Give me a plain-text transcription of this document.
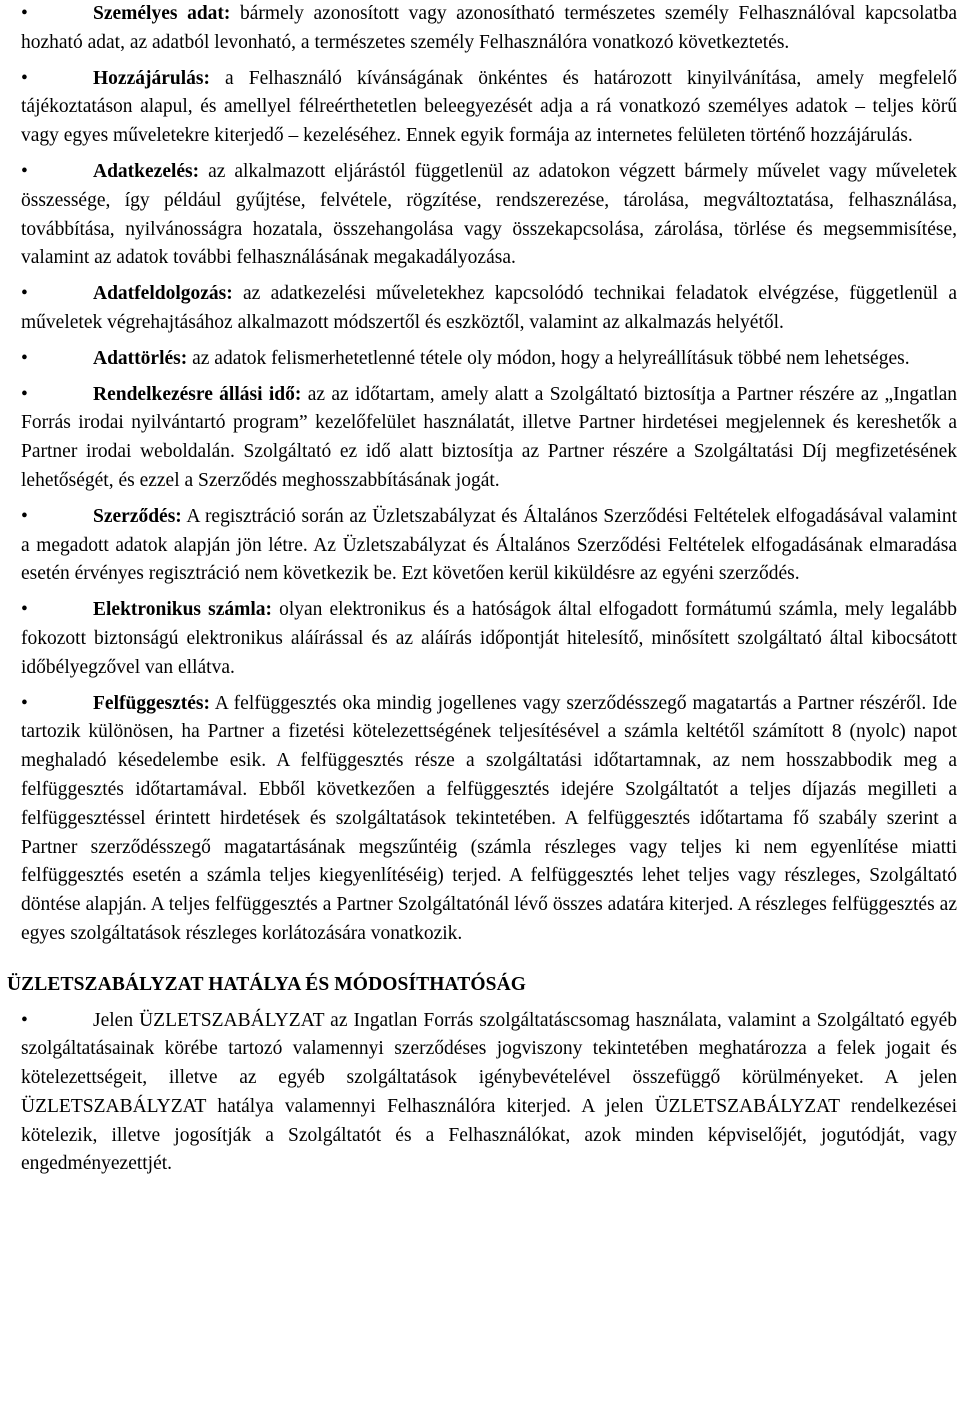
•	Személyes adat: bármely azonosított vagy azonosítható természetes személy Felhasználóval kapcsolatba hozható adat, az adatból levonható, a természetes személy Felhasználóra vonatkozó következtetés.

•	Hozzájárulás: a Felhasználó kívánságának önkéntes és határozott kinyilvánítása, amely megfelelő tájékoztatáson alapul, és amellyel félreérthetetlen beleegyezését adja a rá vonatkozó személyes adatok – teljes körű vagy egyes műveletekre kiterjedő – kezeléséhez. Ennek egyik formája az internetes felületen történő hozzájárulás.

•	Adatkezelés: az alkalmazott eljárástól függetlenül az adatokon végzett bármely művelet vagy műveletek összessége, így például gyűjtése, felvétele, rögzítése, rendszerezése, tárolása, megváltoztatása, felhasználása, továbbítása, nyilvánosságra hozatala, összehangolása vagy összekapcsolása, zárolása, törlése és megsemmisítése, valamint az adatok további felhasználásának megakadályozása.

•	Adatfeldolgozás: az adatkezelési műveletekhez kapcsolódó technikai feladatok elvégzése, függetlenül a műveletek végrehajtásához alkalmazott módszertől és eszköztől, valamint az alkalmazás helyétől.

•	Adattörlés: az adatok felismerhetetlenné tétele oly módon, hogy a helyreállításuk többé nem lehetséges.

•	Rendelkezésre állási idő: az az időtartam, amely alatt a Szolgáltató biztosítja a Partner részére az „Ingatlan Forrás irodai nyilvántartó program” kezelőfelület használatát, illetve Partner hirdetései megjelennek és kereshetők a Partner irodai weboldalán. Szolgáltató ez idő alatt biztosítja az Partner részére a Szolgáltatási Díj megfizetésének lehetőségét, és ezzel a Szerződés meghosszabbításának jogát.

•	Szerződés: A regisztráció során az Üzletszabályzat és Általános Szerződési Feltételek elfogadásával valamint a megadott adatok alapján jön létre. Az Üzletszabályzat és Általános Szerződési Feltételek elfogadásának elmaradása esetén érvényes regisztráció nem következik be. Ezt követően kerül kiküldésre az egyéni szerződés.

•	Elektronikus számla: olyan elektronikus és a hatóságok által elfogadott formátumú számla, mely legalább fokozott biztonságú elektronikus aláírással és az aláírás időpontját hitelesítő, minősített szolgáltató által kibocsátott időbélyegzővel van ellátva.

•	Felfüggesztés: A felfüggesztés oka mindig jogellenes vagy szerződésszegő magatartás a Partner részéről. Ide tartozik különösen, ha Partner a fizetési kötelezettségének teljesítésével a számla keltétől számított 8 (nyolc) napot meghaladó késedelembe esik. A felfüggesztés része a szolgáltatási időtartamnak, az nem hosszabbodik meg a felfüggesztés időtartamával. Ebből következően a felfüggesztés idejére Szolgáltatót a teljes díjazás megilleti a felfüggesztéssel érintett hirdetések és szolgáltatások tekintetében. A felfüggesztés időtartama fő szabály szerint a Partner szerződésszegő magatartásának megszűntéig (számla részleges vagy teljes ki nem egyenlítése miatti felfüggesztés esetén a számla teljes kiegyenlítéséig) terjed. A felfüggesztés lehet teljes vagy részleges, Szolgáltató döntése alapján. A teljes felfüggesztés a Partner Szolgáltatónál lévő összes adatára kiterjed. A részleges felfüggesztés az egyes szolgáltatások részleges korlátozására vonatkozik.

ÜZLETSZABÁLYZAT HATÁLYA ÉS MÓDOSÍTHATÓSÁG

•	Jelen ÜZLETSZABÁLYZAT az Ingatlan Forrás szolgáltatáscsomag használata, valamint a Szolgáltató egyéb szolgáltatásainak körébe tartozó valamennyi szerződéses jogviszony tekintetében meghatározza a felek jogait és kötelezettségeit, illetve az egyéb szolgáltatások igénybevételével összefüggő körülményeket. A jelen ÜZLETSZABÁLYZAT hatálya valamennyi Felhasználóra kiterjed. A jelen ÜZLETSZABÁLYZAT rendelkezései kötelezik, illetve jogosítják a Szolgáltatót és a Felhasználókat, azok minden képviselőjét, jogutódját, vagy engedményezettjét.
